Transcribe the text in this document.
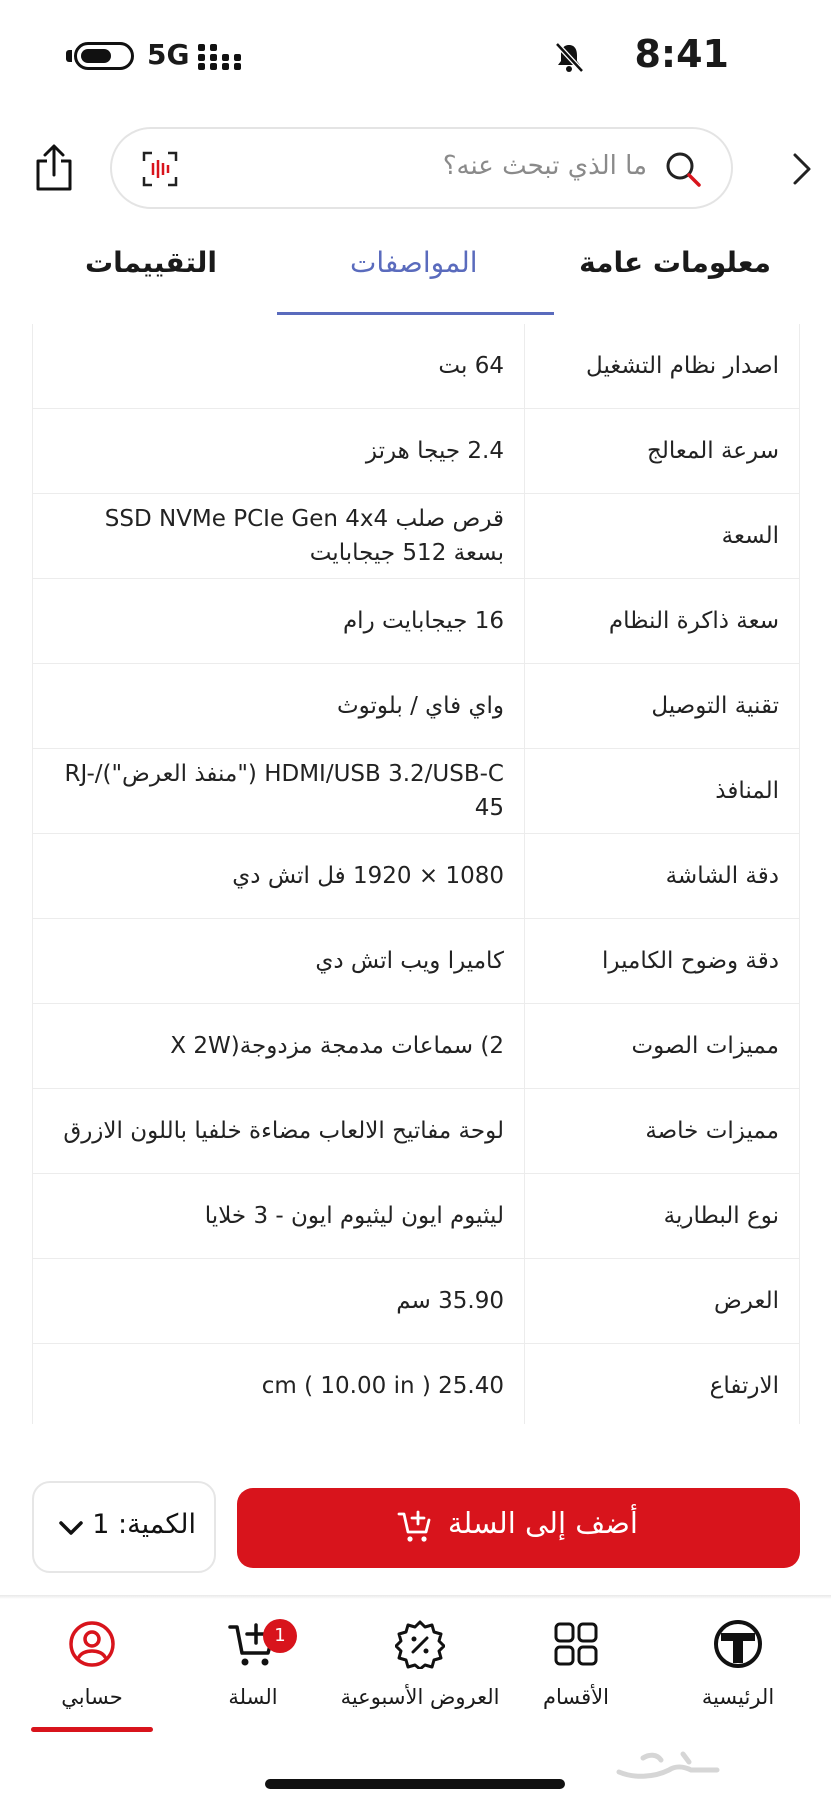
5G	8:41
ما الذي تبحث عنه؟
معلومات عامة
المواصفات
التقييمات
اصدار نظام التشغيل
64 بت
سرعة المعالج
2.4 جيجا هرتز
السعة
قرص صلب SSD NVMe PCIe Gen 4x4 بسعة 512 جيجابايت
سعة ذاكرة النظام
16 جيجابايت رام
تقنية التوصيل
واي فاي / بلوتوث
المنافذ
HDMI/USB 3.2/USB-C ("منفذ العرض")/RJ-45
دقة الشاشة
1080 × 1920 فل اتش دي
دقة وضوح الكاميرا
كاميرا ويب اتش دي
مميزات الصوت
2) سماعات مدمجة مزدوجة(X 2W
مميزات خاصة
لوحة مفاتيح الالعاب مضاءة خلفيا باللون الازرق
نوع البطارية
ليثيوم ايون ليثيوم ايون - 3 خلايا
العرض
35.90 سم
الارتفاع
25.40 cm ( 10.00 in )
الكمية: 1	أضف إلى السلة
الرئيسية
الأقسام
العروض الأسبوعية
1
السلة
حسابي
